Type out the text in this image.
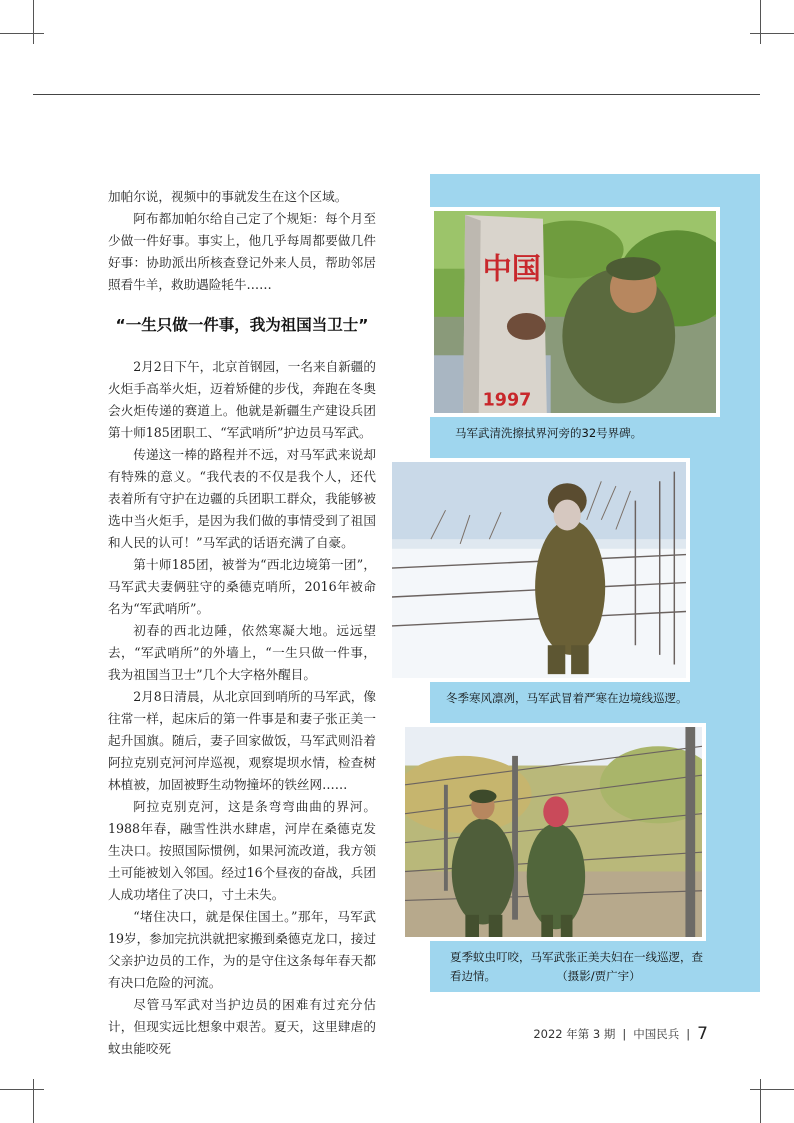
加帕尔说，视频中的事就发生在这个区域。

阿布都加帕尔给自己定了个规矩：每个月至少做一件好事。事实上，他几乎每周都要做几件好事：协助派出所核查登记外来人员，帮助邻居照看牛羊，救助遇险牦牛……

“一生只做一件事，我为祖国当卫士”

2月2日下午，北京首钢园，一名来自新疆的火炬手高举火炬，迈着矫健的步伐，奔跑在冬奥会火炬传递的赛道上。他就是新疆生产建设兵团第十师185团职工、“军武哨所”护边员马军武。

传递这一棒的路程并不远，对马军武来说却有特殊的意义。“我代表的不仅是我个人，还代表着所有守护在边疆的兵团职工群众，我能够被选中当火炬手，是因为我们做的事情受到了祖国和人民的认可！”马军武的话语充满了自豪。

第十师185团，被誉为“西北边境第一团”，马军武夫妻俩驻守的桑德克哨所，2016年被命名为“军武哨所”。

初春的西北边陲，依然寒凝大地。远远望去，“军武哨所”的外墙上，“一生只做一件事，我为祖国当卫士”几个大字格外醒目。

2月8日清晨，从北京回到哨所的马军武，像往常一样，起床后的第一件事是和妻子张正美一起升国旗。随后，妻子回家做饭，马军武则沿着阿拉克别克河河岸巡视，观察堤坝水情，检查树林植被，加固被野生动物撞坏的铁丝网……

阿拉克别克河，这是条弯弯曲曲的界河。1988年春，融雪性洪水肆虐，河岸在桑德克发生决口。按照国际惯例，如果河流改道，我方领土可能被划入邻国。经过16个昼夜的奋战，兵团人成功堵住了决口，寸土未失。

“堵住决口，就是保住国土。”那年，马军武19岁，参加完抗洪就把家搬到桑德克龙口，接过父亲护边员的工作，为的是守住这条每年春天都有决口危险的河流。

尽管马军武对当护边员的困难有过充分估计，但现实远比想象中艰苦。夏天，这里肆虐的蚊虫能咬死

中国
1997
马军武清洗擦拭界河旁的32号界碑。
冬季寒风凛冽，马军武冒着严寒在边境线巡逻。
夏季蚊虫叮咬，马军武张正美夫妇在一线巡逻，查看边情。	（摄影/贾广宇）
2022 年第 3 期 | 中国民兵 | 7
